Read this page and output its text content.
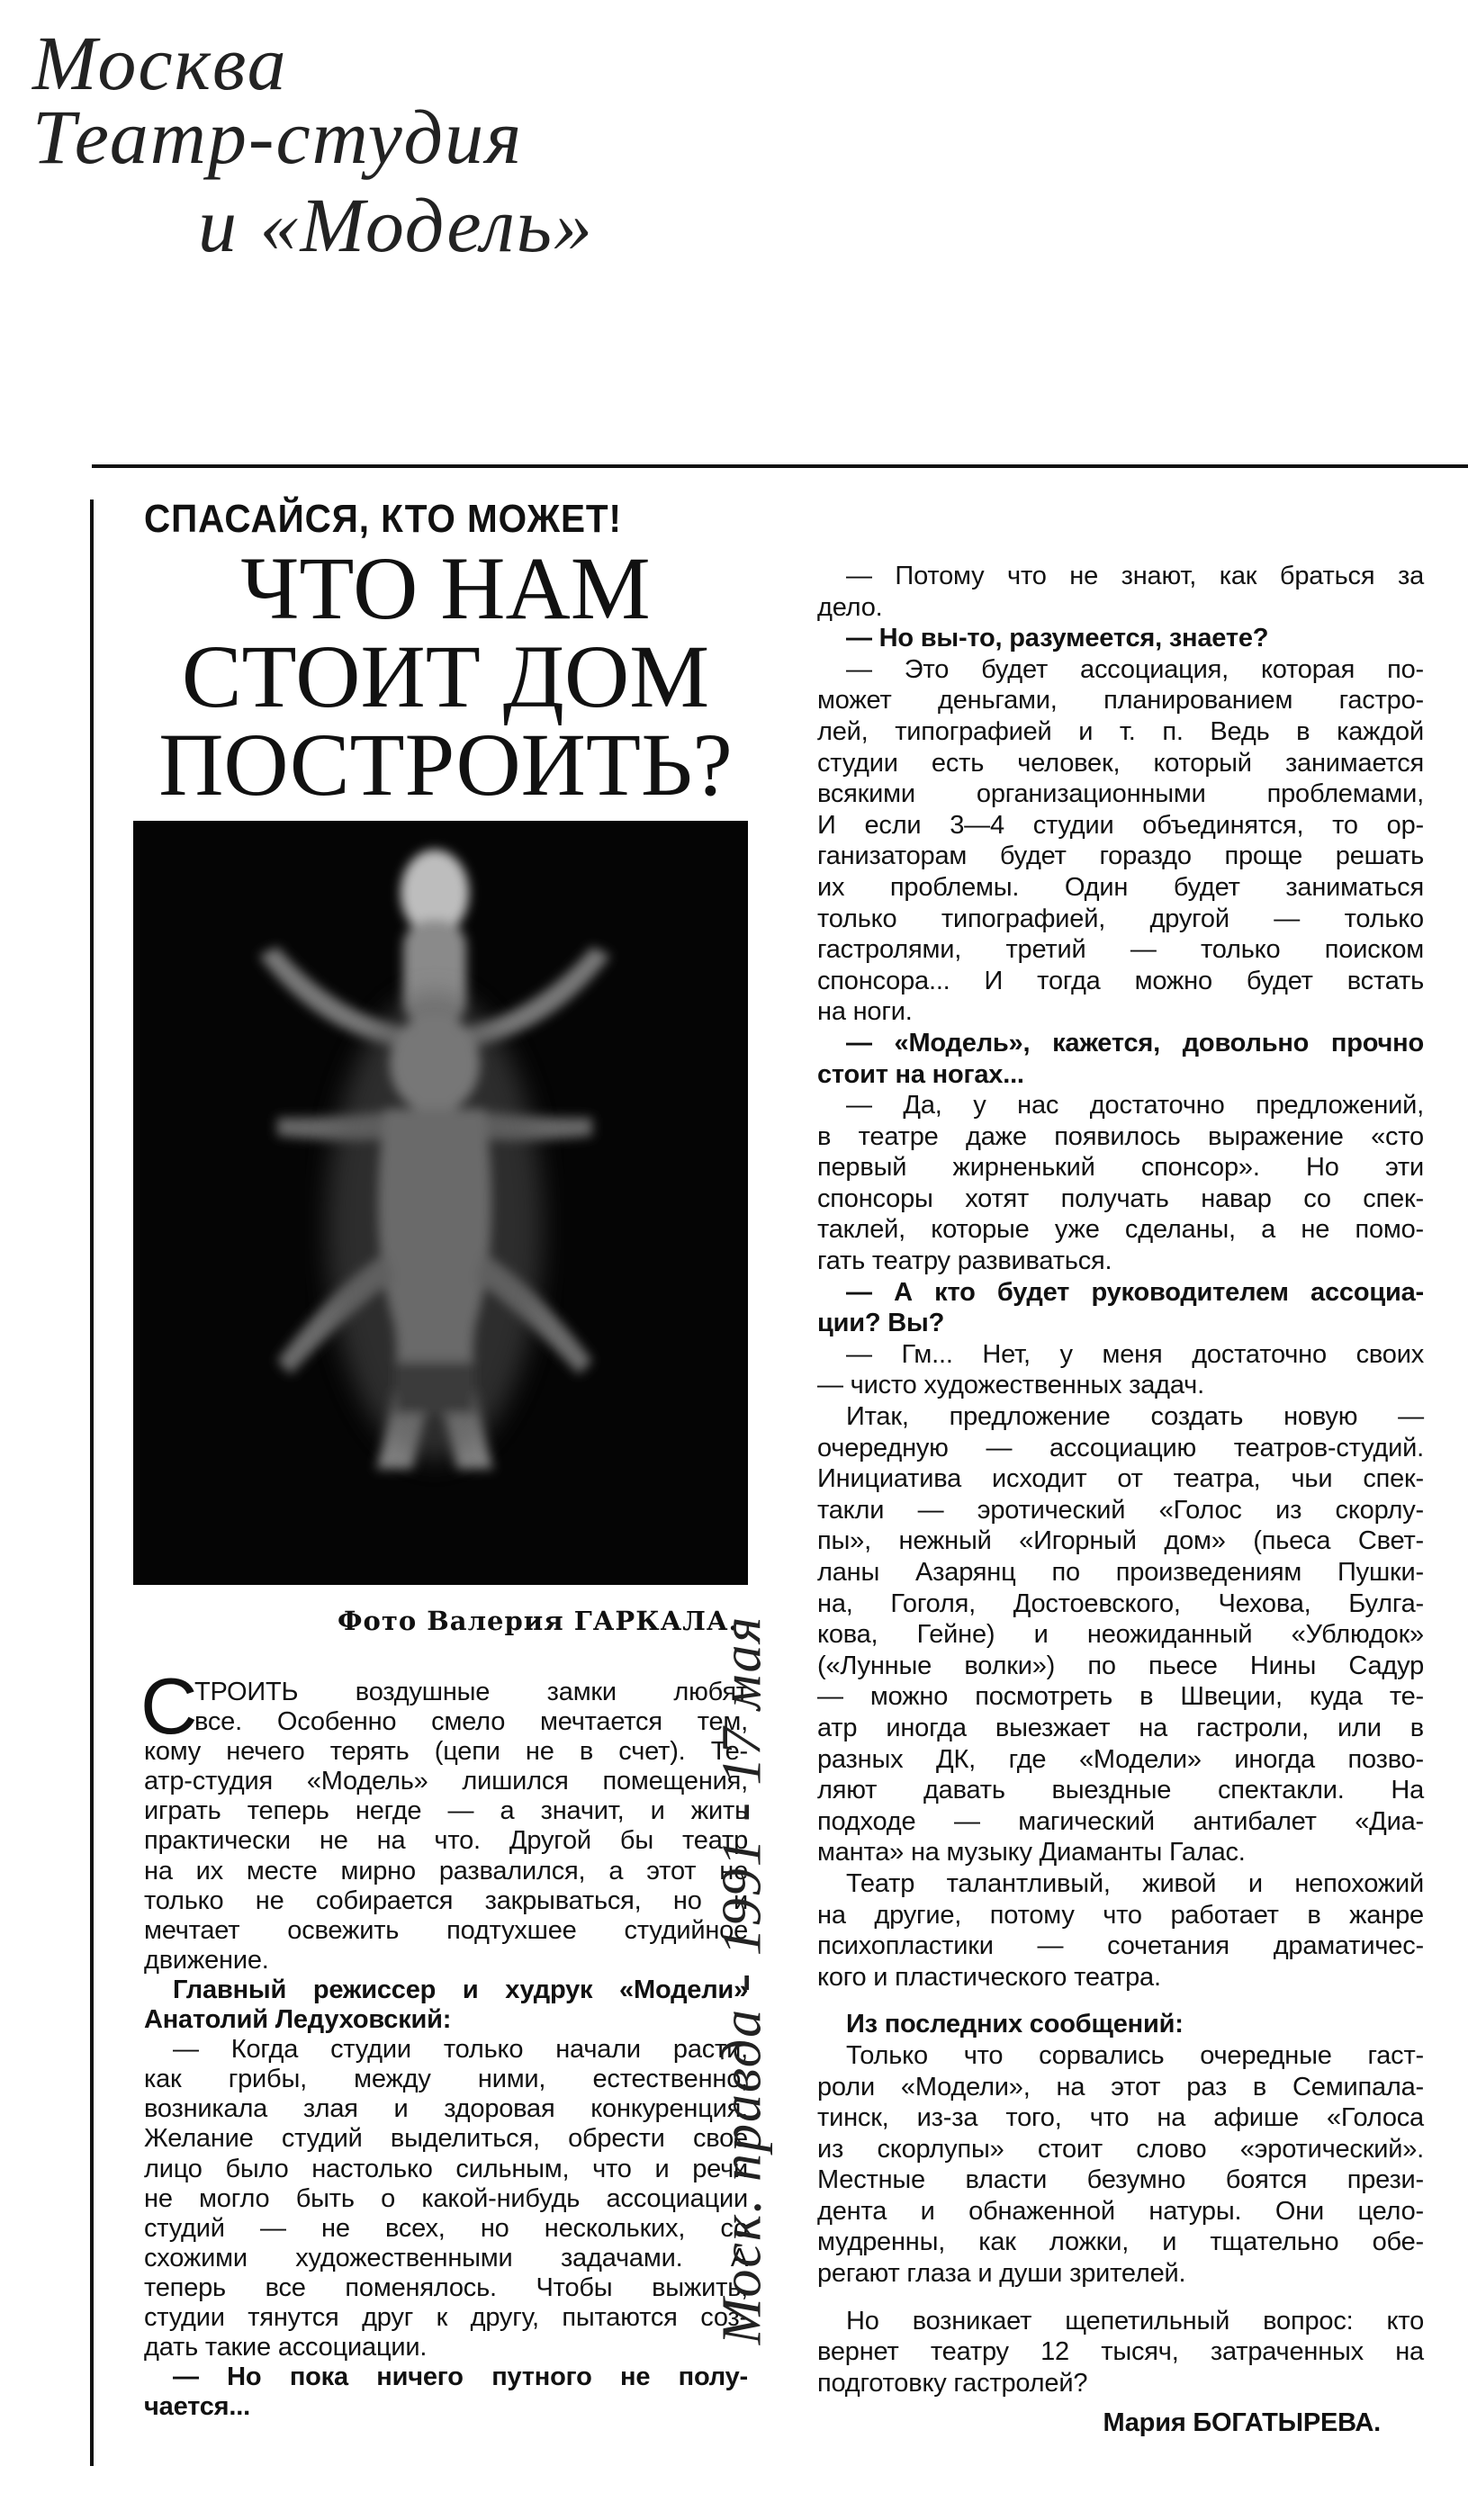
Москва
Театр-студия
и «Модель»
СПАСАЙСЯ, КТО МОЖЕТ!
ЧТО НАМ
СТОИТ ДОМ
ПОСТРОИТЬ?
Фото Валерия ГАРКАЛА.
С
ТРОИТЬ воздушные замки любят
все. Особенно смело мечтается тем,
кому нечего терять (цепи не в счет). Те-
атр-студия «Модель» лишился помещения,
играть теперь негде — а значит, и жить
практически не на что. Другой бы театр
на их месте мирно развалился, а этот не
только не собирается закрываться, но и
мечтает освежить подтухшее студийное
движение.
Главный режиссер и худрук «Модели»
Анатолий Ледуховский:
— Когда студии только начали расти,
как грибы, между ними, естественно,
возникала злая и здоровая конкуренция.
Желание студий выделиться, обрести свое
лицо было настолько сильным, что и речи
не могло быть о какой-нибудь ассоциации
студий — не всех, но нескольких, со
схожими художественными задачами. А
теперь все поменялось. Чтобы выжить,
студии тянутся друг к другу, пытаются соз-
дать такие ассоциации.
— Но пока ничего путного не полу-
чается...
— Потому что не знают, как браться за
дело.
— Но вы-то, разумеется, знаете?
— Это будет ассоциация, которая по-
может деньгами, планированием гастро-
лей, типографией и т. п. Ведь в каждой
студии есть человек, который занимается
всякими организационными проблемами,
И если 3—4 студии объединятся, то ор-
ганизаторам будет гораздо проще решать
их проблемы. Один будет заниматься
только типографией, другой — только
гастролями, третий — только поиском
спонсора... И тогда можно будет встать
на ноги.
— «Модель», кажется, довольно прочно
стоит на ногах...
— Да, у нас достаточно предложений,
в театре даже появилось выражение «сто
первый жирненький спонсор». Но эти
спонсоры хотят получать навар со спек-
таклей, которые уже сделаны, а не помо-
гать театру развиваться.
— А кто будет руководителем ассоциа-
ции? Вы?
— Гм... Нет, у меня достаточно своих
— чисто художественных задач.
Итак, предложение создать новую —
очередную — ассоциацию театров-студий.
Инициатива исходит от театра, чьи спек-
такли — эротический «Голос из скорлу-
пы», нежный «Игорный дом» (пьеса Свет-
ланы Азарянц по произведениям Пушки-
на, Гоголя, Достоевского, Чехова, Булга-
кова, Гейне) и неожиданный «Ублюдок»
(«Лунные волки») по пьесе Нины Садур
— можно посмотреть в Швеции, куда те-
атр иногда выезжает на гастроли, или в
разных ДК, где «Модели» иногда позво-
ляют давать выездные спектакли. На
подходе — магический антибалет «Диа-
манта» на музыку Диаманты Галас.
Театр талантливый, живой и непохожий
на другие, потому что работает в жанре
психопластики — сочетания драматичес-
кого и пластического театра.
Из последних сообщений:
Только что сорвались очередные гаст-
роли «Модели», на этот раз в Семипала-
тинск, из-за того, что на афише «Голоса
из скорлупы» стоит слово «эротический».
Местные власти безумно боятся прези-
дента и обнаженной натуры. Они цело-
мудренны, как ложки, и тщательно обе-
регают глаза и души зрителей.
Но возникает щепетильный вопрос: кто
вернет театру 12 тысяч, затраченных на
подготовку гастролей?
Мария БОГАТЫРЕВА.
Моск. правда - 1991 - 17 мая
